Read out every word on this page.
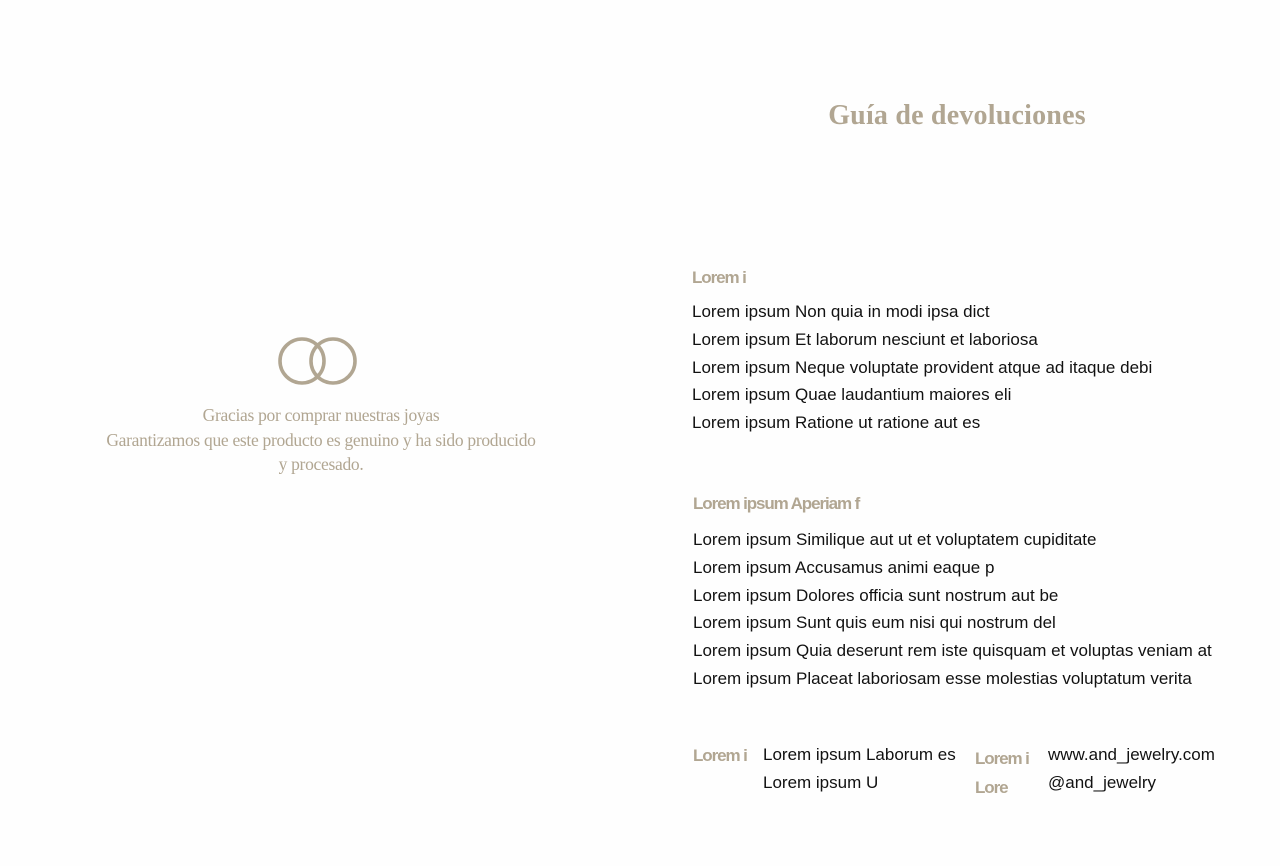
Gracias por comprar nuestras joyas
Garantizamos que este producto es genuino y ha sido producido
y procesado.
Guía de devoluciones
Lorem i
Lorem ipsum Non quia in modi ipsa dict
Lorem ipsum Et laborum nesciunt et laboriosa
Lorem ipsum Neque voluptate provident atque ad itaque debi
Lorem ipsum Quae laudantium maiores eli
Lorem ipsum Ratione ut ratione aut es
Lorem ipsum Aperiam f
Lorem ipsum Similique aut ut et voluptatem cupiditate
Lorem ipsum Accusamus animi eaque p
Lorem ipsum Dolores officia sunt nostrum aut be
Lorem ipsum Sunt quis eum nisi qui nostrum del
Lorem ipsum Quia deserunt rem iste quisquam et voluptas veniam at
Lorem ipsum Placeat laboriosam esse molestias voluptatum verita
Lorem i Lorem ipsum Laborum es
Lorem ipsum U
Lorem i
Lore
www.and_jewelry.com
@and_jewelry
